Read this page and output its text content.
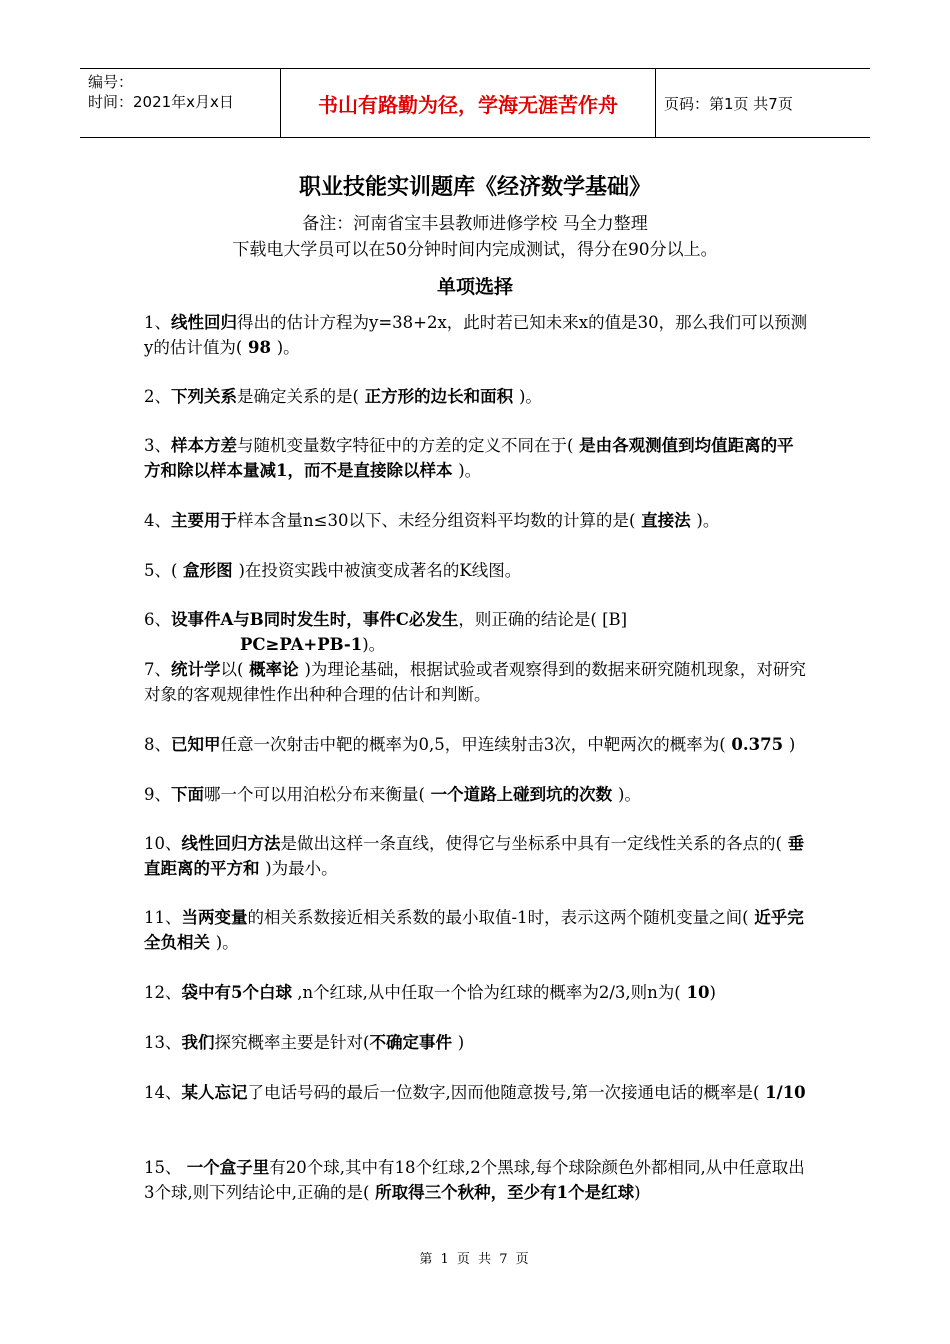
编号：
时间：2021年x月x日	书山有路勤为径，学海无涯苦作舟	页码：第1页 共7页
职业技能实训题库《经济数学基础》
备注：河南省宝丰县教师进修学校 马全力整理
下载电大学员可以在50分钟时间内完成测试，得分在90分以上。
单项选择
1、线性回归得出的估计方程为y=38+2x，此时若已知未来x的值是30，那么我们可以预测y的估计值为( 98 )。
2、下列关系是确定关系的是( 正方形的边长和面积 )。
3、样本方差与随机变量数字特征中的方差的定义不同在于( 是由各观测值到均值距离的平方和除以样本量减1，而不是直接除以样本 )。
4、主要用于样本含量n≤30以下、未经分组资料平均数的计算的是( 直接法 )。
5、( 盒形图 )在投资实践中被演变成著名的K线图。
6、设事件A与B同时发生时，事件C必发生，则正确的结论是( [B]
PC≥PA+PB-1)。
7、统计学以( 概率论 )为理论基础，根据试验或者观察得到的数据来研究随机现象，对研究对象的客观规律性作出种种合理的估计和判断。
8、已知甲任意一次射击中靶的概率为0,5，甲连续射击3次，中靶两次的概率为( 0.375 )
9、下面哪一个可以用泊松分布来衡量( 一个道路上碰到坑的次数 )。
10、线性回归方法是做出这样一条直线，使得它与坐标系中具有一定线性关系的各点的( 垂直距离的平方和 )为最小。
11、当两变量的相关系数接近相关系数的最小取值-1时，表示这两个随机变量之间( 近乎完全负相关 )。
12、袋中有5个白球 ,n个红球,从中任取一个恰为红球的概率为2/3,则n为( 10)
13、我们探究概率主要是针对(不确定事件 )
14、某人忘记了电话号码的最后一位数字,因而他随意拨号,第一次接通电话的概率是( 1/10
15、 一个盒子里有20个球,其中有18个红球,2个黑球,每个球除颜色外都相同,从中任意取出3个球,则下列结论中,正确的是( 所取得三个秋种，至少有1个是红球)
第 1 页 共 7 页
